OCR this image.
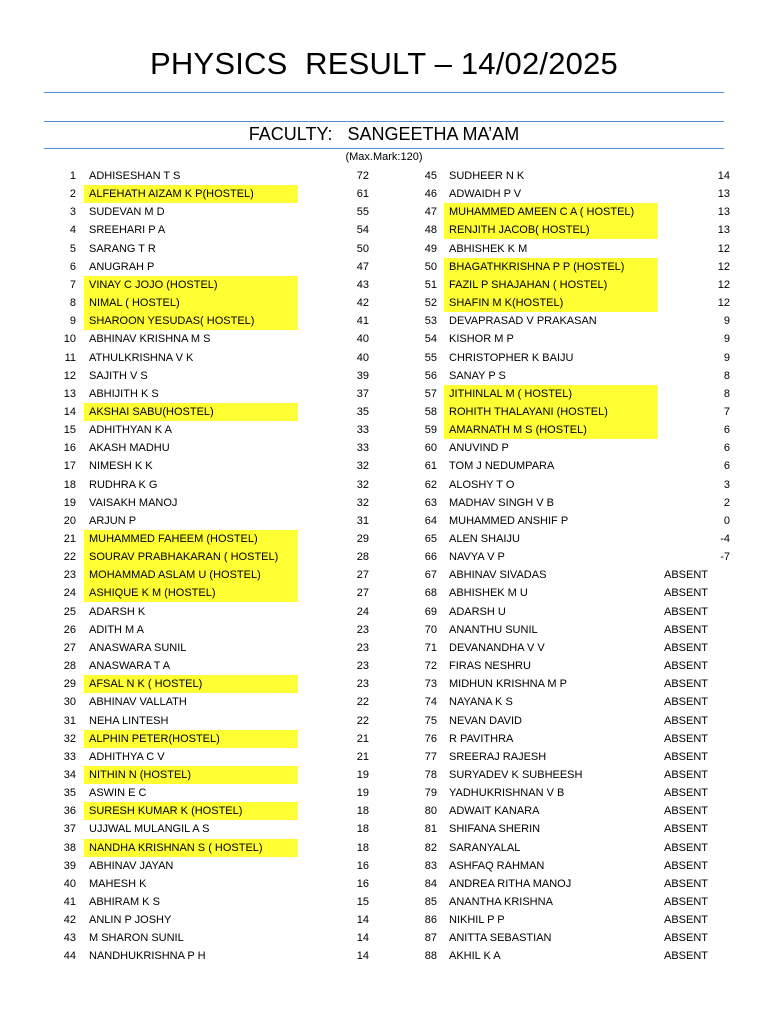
PHYSICS  RESULT – 14/02/2025
FACULTY:   SANGEETHA MA’AM
(Max.Mark:120)
1 ADHISESHAN T S	72
2 ALFEHATH AIZAM K P(HOSTEL)	61
3 SUDEVAN M D	55
4 SREEHARI P A	54
5 SARANG T R	50
6 ANUGRAH P	47
7 VINAY C JOJO (HOSTEL)	43
8 NIMAL ( HOSTEL)	42
9 SHAROON YESUDAS( HOSTEL)	41
10 ABHINAV KRISHNA M S	40
11 ATHULKRISHNA V K	40
12 SAJITH V S	39
13 ABHIJITH K S	37
14 AKSHAI SABU(HOSTEL)	35
15 ADHITHYAN K A	33
16 AKASH MADHU	33
17 NIMESH K K	32
18 RUDHRA K G	32
19 VAISAKH MANOJ	32
20 ARJUN P	31
21 MUHAMMED FAHEEM (HOSTEL)	29
22 SOURAV PRABHAKARAN ( HOSTEL)	28
23 MOHAMMAD ASLAM U (HOSTEL)	27
24 ASHIQUE K M (HOSTEL)	27
25 ADARSH K	24
26 ADITH M A	23
27 ANASWARA SUNIL	23
28 ANASWARA T A	23
29 AFSAL N K ( HOSTEL)	23
30 ABHINAV VALLATH	22
31 NEHA LINTESH	22
32 ALPHIN PETER(HOSTEL)	21
33 ADHITHYA C V	21
34 NITHIN N (HOSTEL)	19
35 ASWIN E C	19
36 SURESH KUMAR K (HOSTEL)	18
37 UJJWAL MULANGIL A S	18
38 NANDHA KRISHNAN S ( HOSTEL)	18
39 ABHINAV JAYAN	16
40 MAHESH K	16
41 ABHIRAM K S	15
42 ANLIN P JOSHY	14
43 M SHARON SUNIL	14
44 NANDHUKRISHNA P H	14
45 SUDHEER N K	14
46 ADWAIDH P V	13
47 MUHAMMED AMEEN C A ( HOSTEL)	13
48 RENJITH JACOB( HOSTEL)	13
49 ABHISHEK K M	12
50 BHAGATHKRISHNA P P (HOSTEL)	12
51 FAZIL P SHAJAHAN ( HOSTEL)	12
52 SHAFIN M K(HOSTEL)	12
53 DEVAPRASAD V PRAKASAN	9
54 KISHOR M P	9
55 CHRISTOPHER K BAIJU	9
56 SANAY P S	8
57 JITHINLAL M ( HOSTEL)	8
58 ROHITH THALAYANI (HOSTEL)	7
59 AMARNATH M S (HOSTEL)	6
60 ANUVIND P	6
61 TOM J NEDUMPARA	6
62 ALOSHY T O	3
63 MADHAV SINGH V B	2
64 MUHAMMED ANSHIF P	0
65 ALEN SHAIJU	-4
66 NAVYA V P	-7
67 ABHINAV SIVADAS	ABSENT
68 ABHISHEK M U	ABSENT
69 ADARSH U	ABSENT
70 ANANTHU SUNIL	ABSENT
71 DEVANANDHA V V	ABSENT
72 FIRAS NESHRU	ABSENT
73 MIDHUN KRISHNA M P	ABSENT
74 NAYANA K S	ABSENT
75 NEVAN DAVID	ABSENT
76 R PAVITHRA	ABSENT
77 SREERAJ RAJESH	ABSENT
78 SURYADEV K SUBHEESH	ABSENT
79 YADHUKRISHNAN V B	ABSENT
80 ADWAIT KANARA	ABSENT
81 SHIFANA SHERIN	ABSENT
82 SARANYALAL	ABSENT
83 ASHFAQ RAHMAN	ABSENT
84 ANDREA RITHA MANOJ	ABSENT
85 ANANTHA KRISHNA	ABSENT
86 NIKHIL P P	ABSENT
87 ANITTA SEBASTIAN	ABSENT
88 AKHIL K A	ABSENT
